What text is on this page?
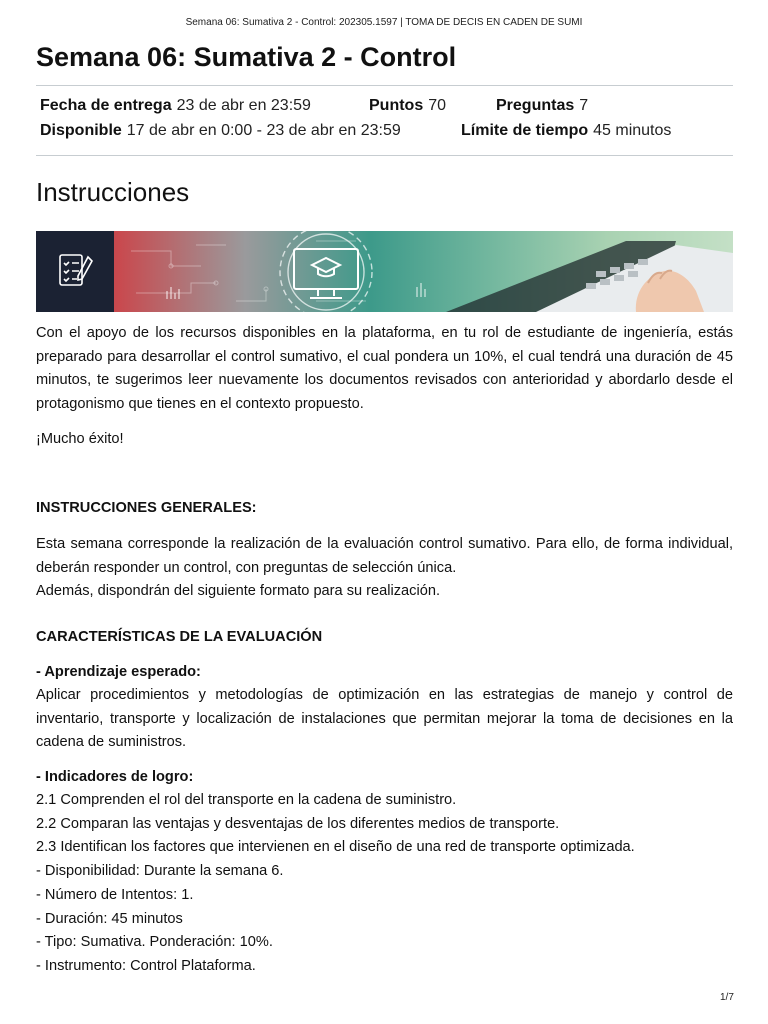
Semana 06: Sumativa 2 - Control: 202305.1597 | TOMA DE DECIS EN CADEN DE SUMI
Semana 06: Sumativa 2 - Control
Fecha de entrega 23 de abr en 23:59	Puntos 70	Preguntas 7
Disponible 17 de abr en 0:00 - 23 de abr en 23:59	Límite de tiempo 45 minutos
Instrucciones

Con el apoyo de los recursos disponibles en la plataforma, en tu rol de estudiante de ingeniería, estás preparado para desarrollar el control sumativo, el cual pondera un 10%, el cual tendrá una duración de 45 minutos, te sugerimos leer nuevamente los documentos revisados con anterioridad y abordarlo desde el protagonismo que tienes en el contexto propuesto.

¡Mucho éxito!

INSTRUCCIONES GENERALES:

Esta semana corresponde la realización de la evaluación control sumativo. Para ello, de forma individual, deberán responder un control, con preguntas de selección única.
Además, dispondrán del siguiente formato para su realización.

CARACTERÍSTICAS DE LA EVALUACIÓN

- Aprendizaje esperado:

Aplicar procedimientos y metodologías de optimización en las estrategias de manejo y control de inventario, transporte y localización de instalaciones que permitan mejorar la toma de decisiones en la cadena de suministros.

- Indicadores de logro:

2.1 Comprenden el rol del transporte en la cadena de suministro.
2.2 Comparan las ventajas y desventajas de los diferentes medios de transporte.
2.3 Identifican los factores que intervienen en el diseño de una red de transporte optimizada.
- Disponibilidad: Durante la semana 6.
- Número de Intentos: 1.
- Duración: 45 minutos
- Tipo: Sumativa. Ponderación: 10%.
- Instrumento: Control Plataforma.
1/7
